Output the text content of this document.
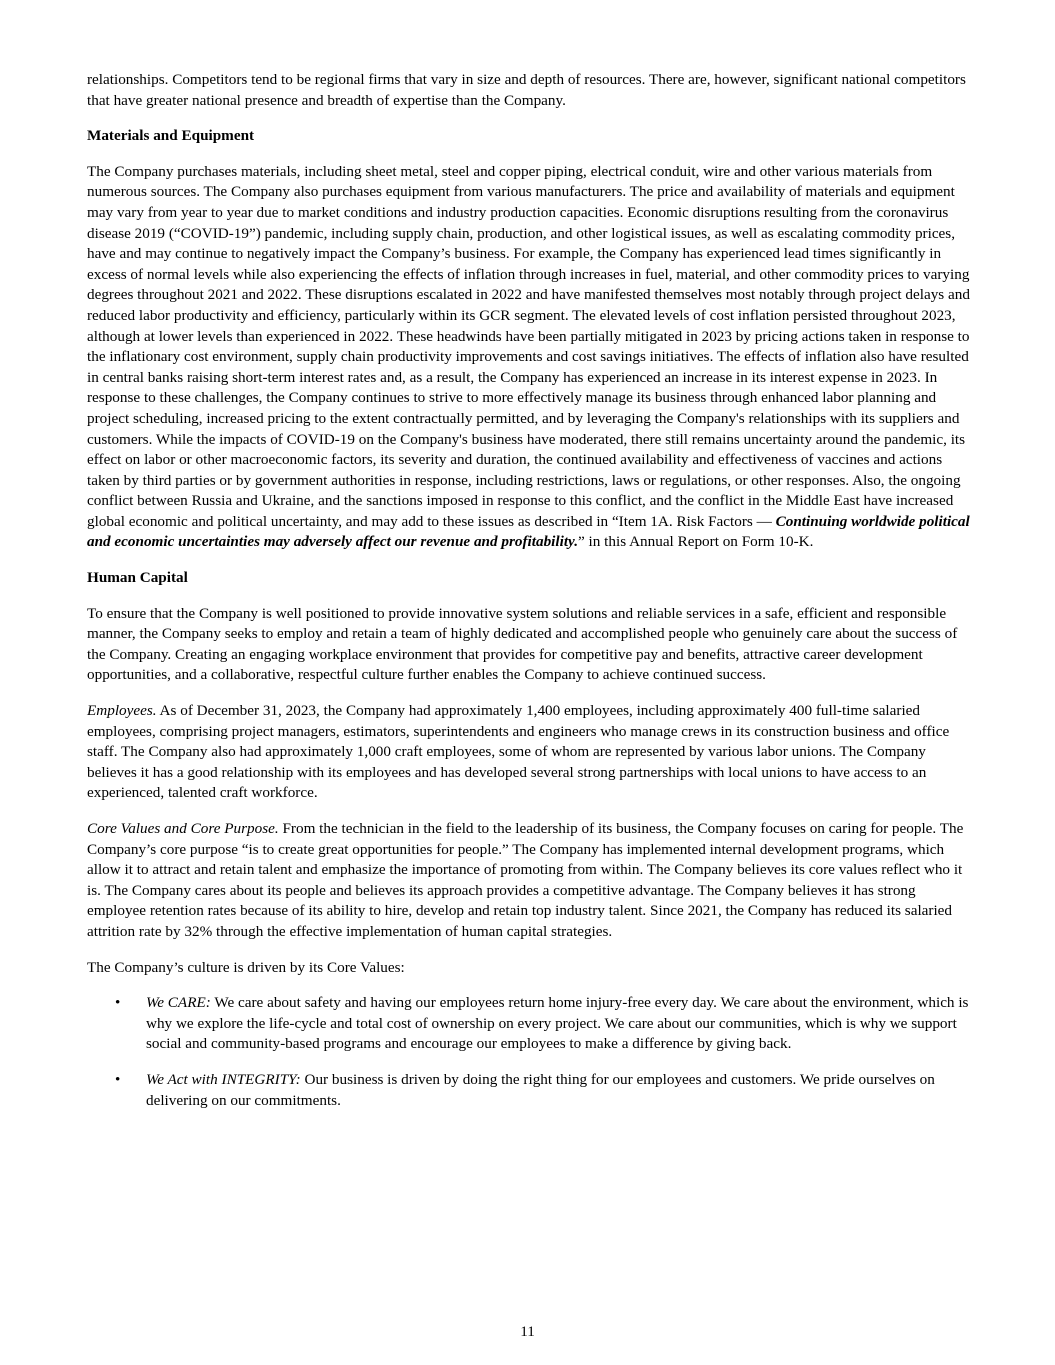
relationships. Competitors tend to be regional firms that vary in size and depth of resources. There are, however, significant national competitors that have greater national presence and breadth of expertise than the Company.

Materials and Equipment

The Company purchases materials, including sheet metal, steel and copper piping, electrical conduit, wire and other various materials from numerous sources. The Company also purchases equipment from various manufacturers. The price and availability of materials and equipment may vary from year to year due to market conditions and industry production capacities. Economic disruptions resulting from the coronavirus disease 2019 (“COVID-19”) pandemic, including supply chain, production, and other logistical issues, as well as escalating commodity prices, have and may continue to negatively impact the Company’s business. For example, the Company has experienced lead times significantly in excess of normal levels while also experiencing the effects of inflation through increases in fuel, material, and other commodity prices to varying degrees throughout 2021 and 2022. These disruptions escalated in 2022 and have manifested themselves most notably through project delays and reduced labor productivity and efficiency, particularly within its GCR segment. The elevated levels of cost inflation persisted throughout 2023, although at lower levels than experienced in 2022. These headwinds have been partially mitigated in 2023 by pricing actions taken in response to the inflationary cost environment, supply chain productivity improvements and cost savings initiatives. The effects of inflation also have resulted in central banks raising short-term interest rates and, as a result, the Company has experienced an increase in its interest expense in 2023. In response to these challenges, the Company continues to strive to more effectively manage its business through enhanced labor planning and project scheduling, increased pricing to the extent contractually permitted, and by leveraging the Company's relationships with its suppliers and customers. While the impacts of COVID-19 on the Company's business have moderated, there still remains uncertainty around the pandemic, its effect on labor or other macroeconomic factors, its severity and duration, the continued availability and effectiveness of vaccines and actions taken by third parties or by government authorities in response, including restrictions, laws or regulations, or other responses. Also, the ongoing conflict between Russia and Ukraine, and the sanctions imposed in response to this conflict, and the conflict in the Middle East have increased global economic and political uncertainty, and may add to these issues as described in “Item 1A. Risk Factors — Continuing worldwide political and economic uncertainties may adversely affect our revenue and profitability.” in this Annual Report on Form 10-K.

Human Capital

To ensure that the Company is well positioned to provide innovative system solutions and reliable services in a safe, efficient and responsible manner, the Company seeks to employ and retain a team of highly dedicated and accomplished people who genuinely care about the success of the Company. Creating an engaging workplace environment that provides for competitive pay and benefits, attractive career development opportunities, and a collaborative, respectful culture further enables the Company to achieve continued success.

Employees. As of December 31, 2023, the Company had approximately 1,400 employees, including approximately 400 full-time salaried employees, comprising project managers, estimators, superintendents and engineers who manage crews in its construction business and office staff. The Company also had approximately 1,000 craft employees, some of whom are represented by various labor unions. The Company believes it has a good relationship with its employees and has developed several strong partnerships with local unions to have access to an experienced, talented craft workforce.

Core Values and Core Purpose. From the technician in the field to the leadership of its business, the Company focuses on caring for people. The Company’s core purpose “is to create great opportunities for people.” The Company has implemented internal development programs, which allow it to attract and retain talent and emphasize the importance of promoting from within. The Company believes its core values reflect who it is. The Company cares about its people and believes its approach provides a competitive advantage. The Company believes it has strong employee retention rates because of its ability to hire, develop and retain top industry talent. Since 2021, the Company has reduced its salaried attrition rate by 32% through the effective implementation of human capital strategies.

The Company’s culture is driven by its Core Values:

• We CARE: We care about safety and having our employees return home injury-free every day. We care about the environment, which is why we explore the life-cycle and total cost of ownership on every project. We care about our communities, which is why we support social and community-based programs and encourage our employees to make a difference by giving back.
• We Act with INTEGRITY: Our business is driven by doing the right thing for our employees and customers. We pride ourselves on delivering on our commitments.
11
